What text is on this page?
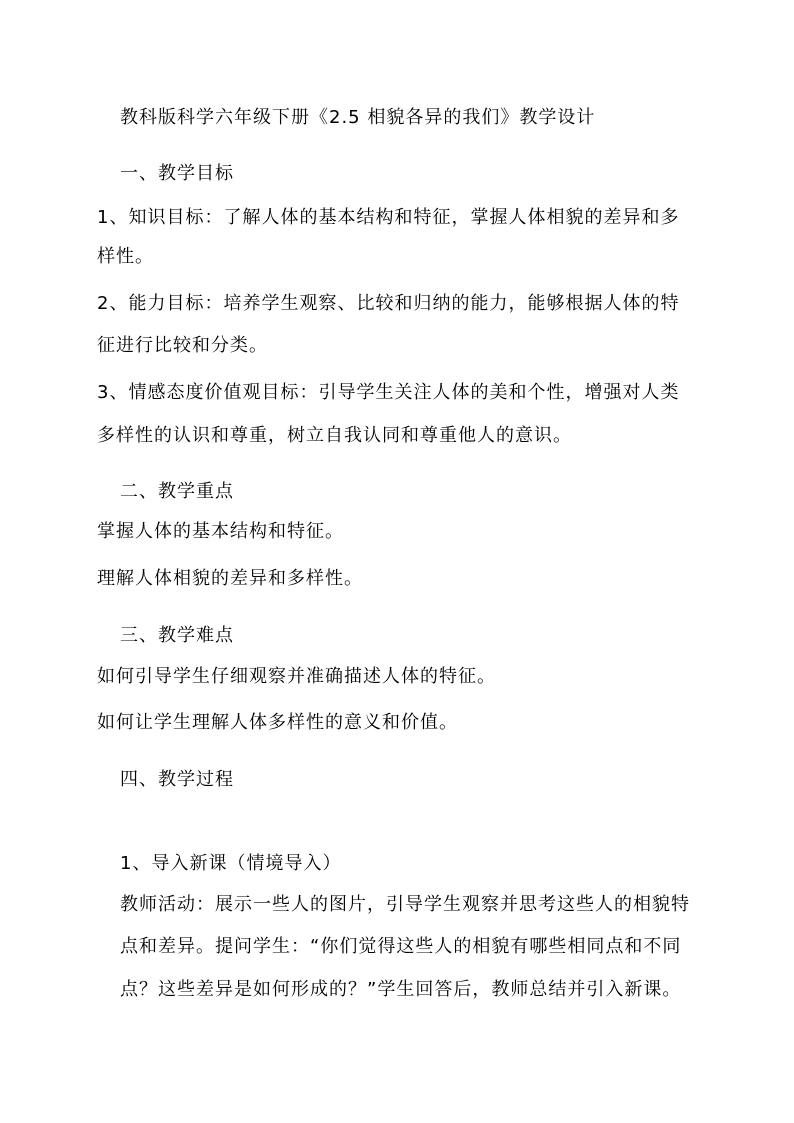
教科版科学六年级下册《2.5 相貌各异的我们》教学设计
一、教学目标
1、知识目标：了解人体的基本结构和特征，掌握人体相貌的差异和多
样性。
2、能力目标：培养学生观察、比较和归纳的能力，能够根据人体的特
征进行比较和分类。
3、情感态度价值观目标：引导学生关注人体的美和个性，增强对人类
多样性的认识和尊重，树立自我认同和尊重他人的意识。
二、教学重点
掌握人体的基本结构和特征。
理解人体相貌的差异和多样性。
三、教学难点
如何引导学生仔细观察并准确描述人体的特征。
如何让学生理解人体多样性的意义和价值。
四、教学过程
1、导入新课（情境导入）
教师活动：展示一些人的图片，引导学生观察并思考这些人的相貌特
点和差异。提问学生：“你们觉得这些人的相貌有哪些相同点和不同
点？这些差异是如何形成的？”学生回答后，教师总结并引入新课。
